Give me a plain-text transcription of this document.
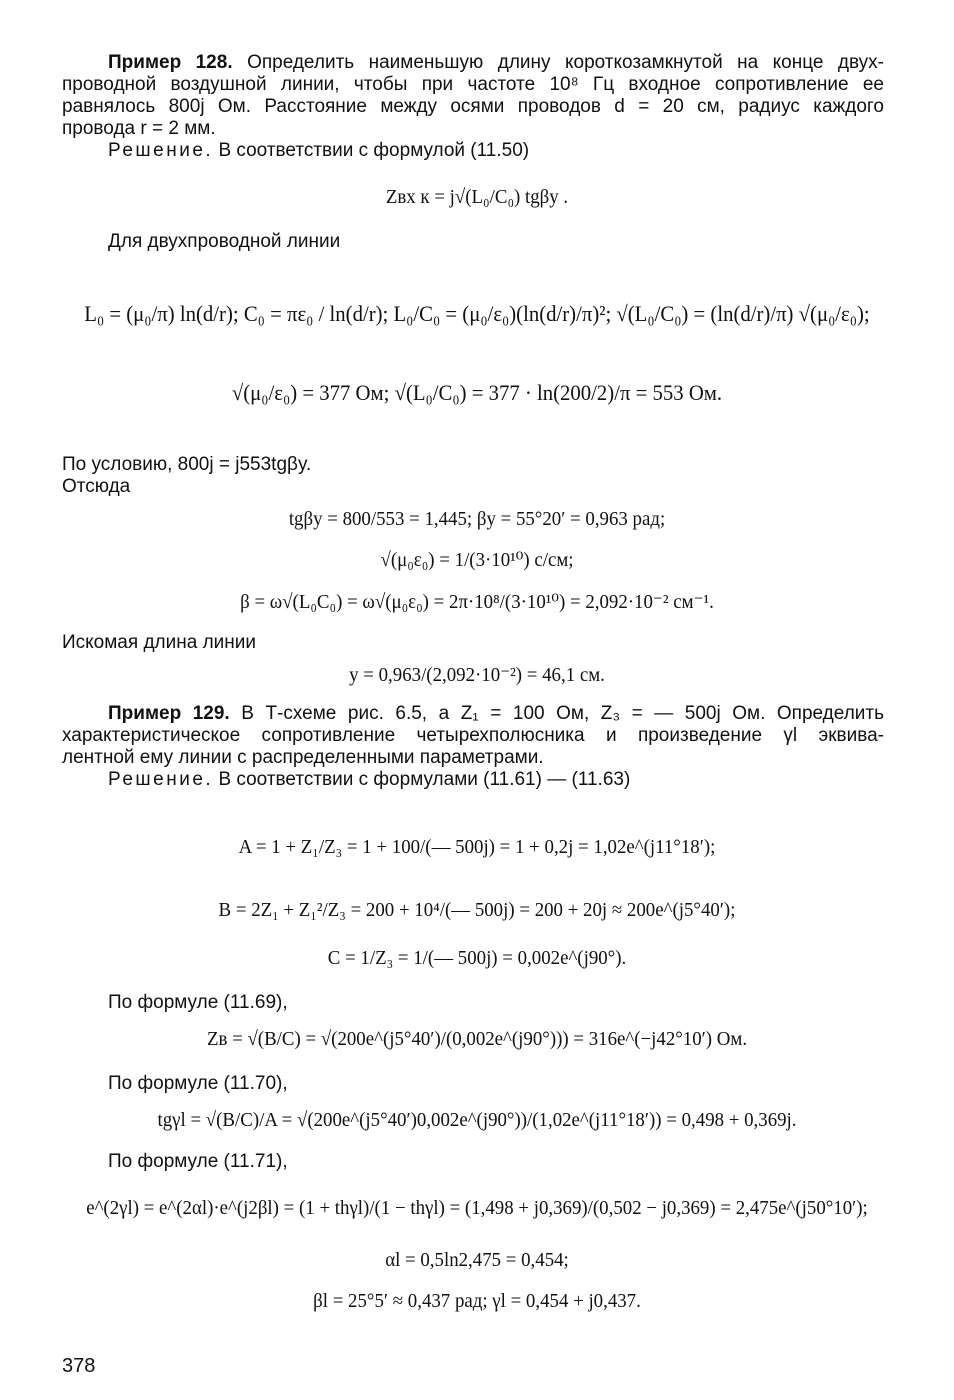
Пример 128. Определить наименьшую длину короткозамкнутой на конце двух-
проводной воздушной линии, чтобы при частоте 10⁸ Гц входное сопротивление ее
равнялось 800j Ом. Расстояние между осями проводов d = 20 см, радиус каждого
провода r = 2 мм.
Решение. В соответствии с формулой (11.50)
Zвх к = j√(L₀/C₀) tgβy .
Для двухпроводной линии
L₀ = (μ₀/π) ln(d/r); C₀ = πε₀ / ln(d/r); L₀/C₀ = (μ₀/ε₀)(ln(d/r)/π)²; √(L₀/C₀) = (ln(d/r)/π) √(μ₀/ε₀);
√(μ₀/ε₀) = 377 Ом; √(L₀/C₀) = 377 · ln(200/2)/π = 553 Ом.
По условию, 800j = j553tgβy.
Отсюда
tgβy = 800/553 = 1,445; βy = 55°20′ = 0,963 рад;
√(μ₀ε₀) = 1/(3·10¹⁰) с/см;
β = ω√(L₀C₀) = ω√(μ₀ε₀) = 2π·10⁸/(3·10¹⁰) = 2,092·10⁻² см⁻¹.
Искомая длина линии
y = 0,963/(2,092·10⁻²) = 46,1 см.
Пример 129. В Т-схеме рис. 6.5, а Z₁ = 100 Ом, Z₃ = — 500j Ом. Определить
характеристическое сопротивление четырехполюсника и произведение γl эквива-
лентной ему линии с распределенными параметрами.
Решение. В соответствии с формулами (11.61) — (11.63)
A = 1 + Z₁/Z₃ = 1 + 100/(— 500j) = 1 + 0,2j = 1,02e^(j11°18′);
B = 2Z₁ + Z₁²/Z₃ = 200 + 10⁴/(— 500j) = 200 + 20j ≈ 200e^(j5°40′);
C = 1/Z₃ = 1/(— 500j) = 0,002e^(j90°).
По формуле (11.69),
Zв = √(B/C) = √(200e^(j5°40′)/(0,002e^(j90°))) = 316e^(−j42°10′) Ом.
По формуле (11.70),
tgγl = √(B/C)/A = √(200e^(j5°40′)0,002e^(j90°))/(1,02e^(j11°18′)) = 0,498 + 0,369j.
По формуле (11.71),
e^(2γl) = e^(2αl)·e^(j2βl) = (1 + thγl)/(1 − thγl) = (1,498 + j0,369)/(0,502 − j0,369) = 2,475e^(j50°10′);
αl = 0,5ln2,475 = 0,454;
βl = 25°5′ ≈ 0,437 рад; γl = 0,454 + j0,437.
378
